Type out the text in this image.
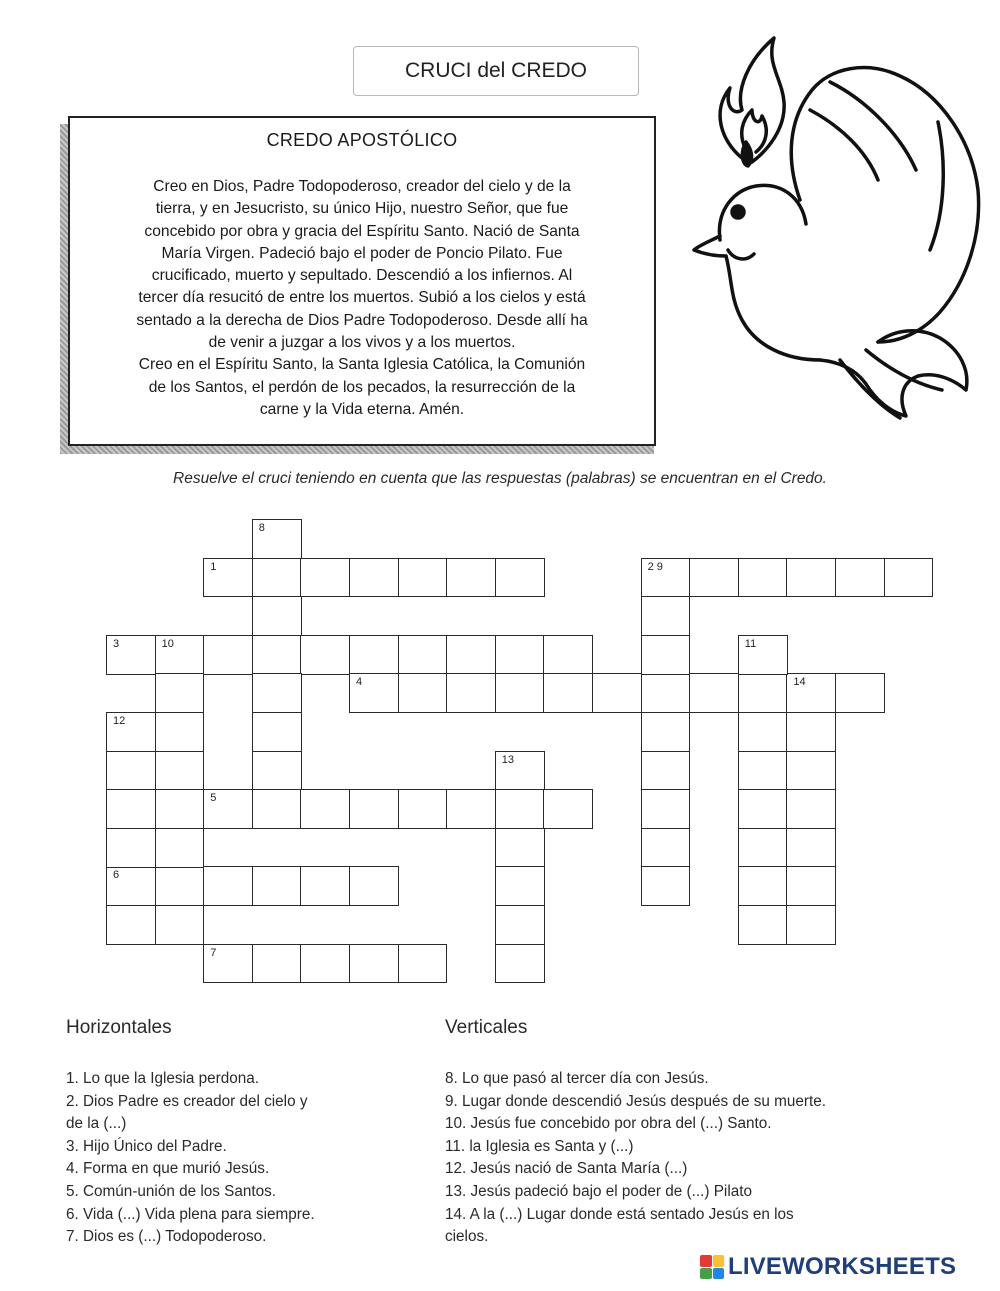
CRUCI del CREDO
CREDO APOSTÓLICO
Creo en Dios, Padre Todopoderoso, creador del cielo y de la
tierra, y en Jesucristo, su único Hijo, nuestro Señor, que fue
concebido por obra y gracia del Espíritu Santo. Nació de Santa
María Virgen. Padeció bajo el poder de Poncio Pilato. Fue
crucificado, muerto y sepultado. Descendió a los infiernos. Al
tercer día resucitó de entre los muertos. Subió a los cielos y está
sentado a la derecha de Dios Padre Todopoderoso. Desde allí ha
de venir a juzgar a los vivos y a los muertos.
Creo en el Espíritu Santo, la Santa Iglesia Católica, la Comunión
de los Santos, el perdón de los pecados, la resurrección de la
carne y la Vida eterna. Amén.
Resuelve el cruci teniendo en cuenta que las respuestas (palabras) se encuentran en el Credo.
1	2 9
3	10
4	14
5
6
7
8
11
12
13
Horizontales
1. Lo que la Iglesia perdona.
2. Dios Padre es creador del cielo y
de la (...)
3. Hijo Único del Padre.
4. Forma en que murió Jesús.
5. Común-unión de los Santos.
6. Vida (...) Vida plena para siempre.
7. Dios es (...) Todopoderoso.
Verticales
8. Lo que pasó al tercer día con Jesús.
9. Lugar donde descendió Jesús después de su muerte.
10. Jesús fue concebido por obra del (...) Santo.
11. la Iglesia es Santa y (...)
12. Jesús nació de Santa María (...)
13. Jesús padeció bajo el poder de (...) Pilato
14. A la (...) Lugar donde está sentado Jesús en los
cielos.
LIVEWORKSHEETS
